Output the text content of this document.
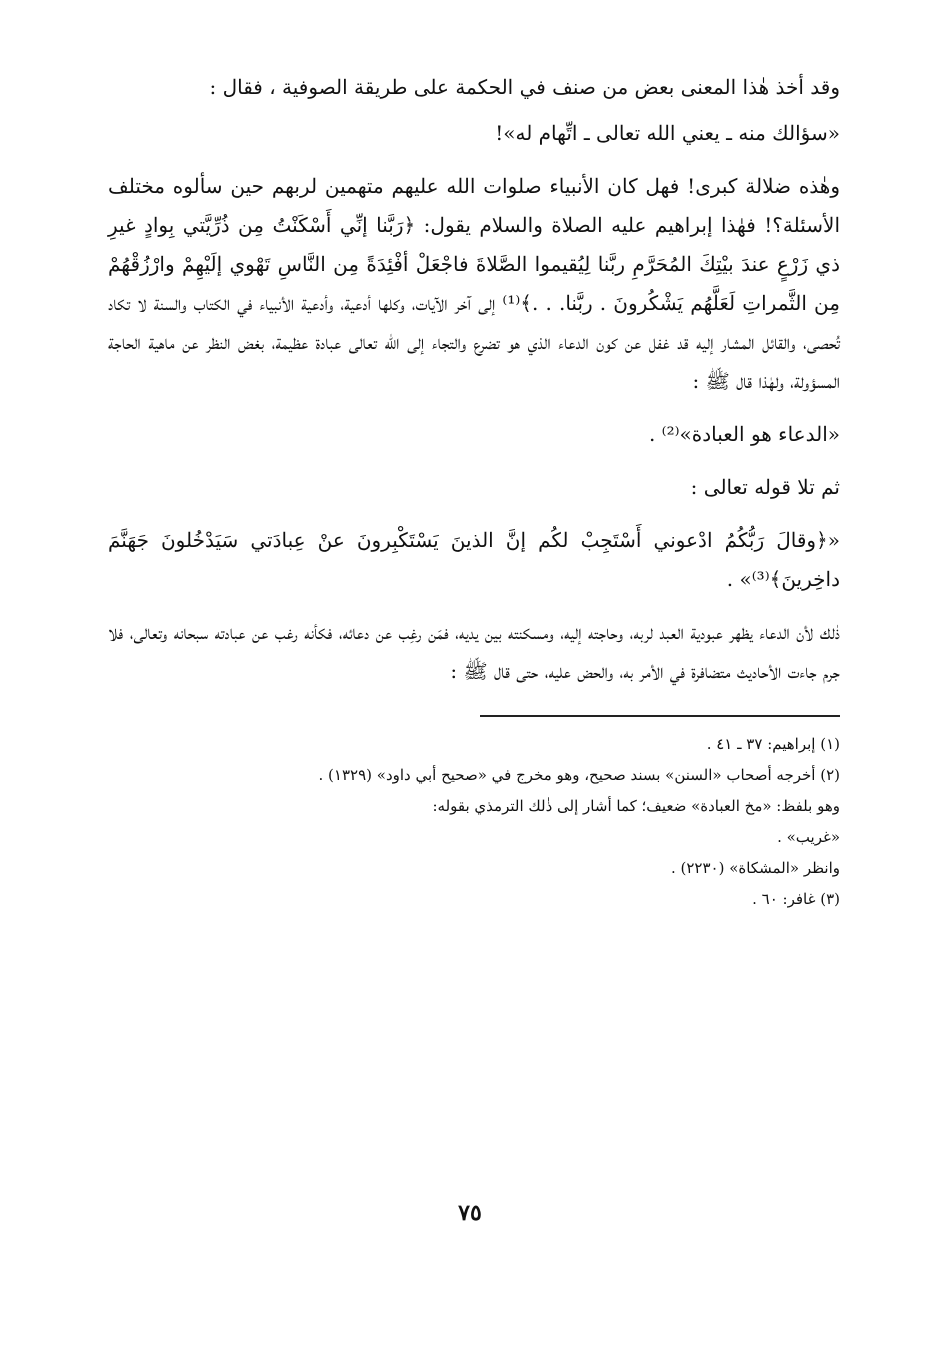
وقد أخذ هٰذا المعنى بعض من صنف في الحكمة على طريقة الصوفية ، فقال :

«سؤالك منه ـ يعني الله تعالى ـ اتِّهام له»!

وهٰذه ضلالة كبرى! فهل كان الأنبياء صلوات الله عليهم متهمين لربهم حين سألوه مختلف الأسئلة؟! فهٰذا إبراهيم عليه الصلاة والسلام يقول: ﴿رَبَّنا إنِّي أَسْكَنْتُ مِن ذُرِّيَّتي بِوادٍ غيرِ ذي زَرْعٍ عندَ بيْتِكَ المُحَرَّمِ ربَّنا لِيُقيموا الصَّلاةَ فاجْعَلْ أفْئِدَةً مِن النَّاسِ تَهْوي إلَيْهِمْ وارْزُقْهُمْ مِن الثَّمراتِ لَعَلَّهُم يَشْكُرونَ . ربَّنا. . .﴾⁽¹⁾ إلى آخر الآيات، وكلها أدعية، وأدعية الأنبياء في الكتاب والسنة لا تكاد تُحصى، والقائل المشار إليه قد غفل عن كون الدعاء الذي هو تضرع والتجاء إلى الله تعالى عبادة عظيمة، بغض النظر عن ماهية الحاجة المسؤولة، ولهٰذا قال ﷺ :

«الدعاء هو العبادة»⁽²⁾ .

ثم تلا قوله تعالى :

«﴿وقالَ رَبُّكُمُ ادْعوني أَسْتَجِبْ لكُم إنَّ الذينَ يَسْتَكْبِرونَ عنْ عِبادَتي سَيَدْخُلونَ جَهَنَّمَ داخِرينَ﴾⁽³⁾» .

ذٰلك لأن الدعاء يظهر عبودية العبد لربه، وحاجته إليه، ومسكنته بين يديه، فمَن رغِب عن دعائه، فكأنه رغب عن عبادته سبحانه وتعالى، فلا جرم جاءت الأحاديث متضافرة في الأمر به، والحض عليه، حتى قال ﷺ :

(١) إبراهيم: ٣٧ ـ ٤١ .

(٢) أخرجه أصحاب «السنن» بسند صحيح، وهو مخرج في «صحيح أبي داود» (١٣٢٩) .

وهو بلفظ: «مخ العبادة» ضعيف؛ كما أشار إلى ذٰلك الترمذي بقوله:

«غريب» .

وانظر «المشكاة» (٢٢٣٠) .

(٣) غافر: ٦٠ .

٧٥
